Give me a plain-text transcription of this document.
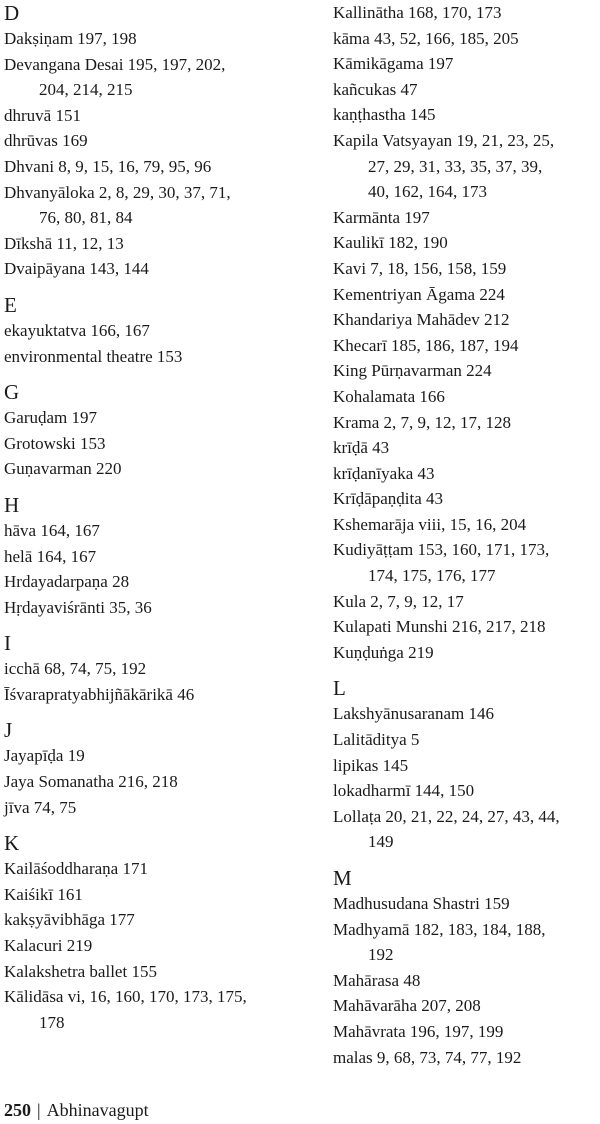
D
Dakṣiṇam 197, 198
Devangana Desai 195, 197, 202,
204, 214, 215
dhruvā 151
dhrūvas 169
Dhvani 8, 9, 15, 16, 79, 95, 96
Dhvanyāloka 2, 8, 29, 30, 37, 71,
76, 80, 81, 84
Dīkshā 11, 12, 13
Dvaipāyana 143, 144
E
ekayuktatva 166, 167
environmental theatre 153
G
Garuḍam 197
Grotowski 153
Guṇavarman 220
H
hāva 164, 167
helā 164, 167
Hrdayadarpaṇa 28
Hṛdayaviśrānti 35, 36
I
icchā 68, 74, 75, 192
Īśvarapratyabhijñākārikā 46
J
Jayapīḍa 19
Jaya Somanatha 216, 218
jīva 74, 75
K
Kailāśoddharaṇa 171
Kaiśikī 161
kakṣyāvibhāga 177
Kalacuri 219
Kalakshetra ballet 155
Kālidāsa vi, 16, 160, 170, 173, 175,
178
Kallinātha 168, 170, 173
kāma 43, 52, 166, 185, 205
Kāmikāgama 197
kañcukas 47
kaṇṭhastha 145
Kapila Vatsyayan 19, 21, 23, 25,
27, 29, 31, 33, 35, 37, 39,
40, 162, 164, 173
Karmānta 197
Kaulikī 182, 190
Kavi 7, 18, 156, 158, 159
Kementriyan Āgama 224
Khandariya Mahādev 212
Khecarī 185, 186, 187, 194
King Pūrṇavarman 224
Kohalamata 166
Krama 2, 7, 9, 12, 17, 128
krīḍā 43
krīḍanīyaka 43
Krīḍāpaṇḍita 43
Kshemarāja viii, 15, 16, 204
Kudiyāṭṭam 153, 160, 171, 173,
174, 175, 176, 177
Kula 2, 7, 9, 12, 17
Kulapati Munshi 216, 217, 218
Kuṇḍuṅga 219
L
Lakshyānusaranam 146
Lalitāditya 5
lipikas 145
lokadharmī 144, 150
Lollaṭa 20, 21, 22, 24, 27, 43, 44,
149
M
Madhusudana Shastri 159
Madhyamā 182, 183, 184, 188,
192
Mahārasa 48
Mahāvarāha 207, 208
Mahāvrata 196, 197, 199
malas 9, 68, 73, 74, 77, 192
250 | Abhinavagupt
